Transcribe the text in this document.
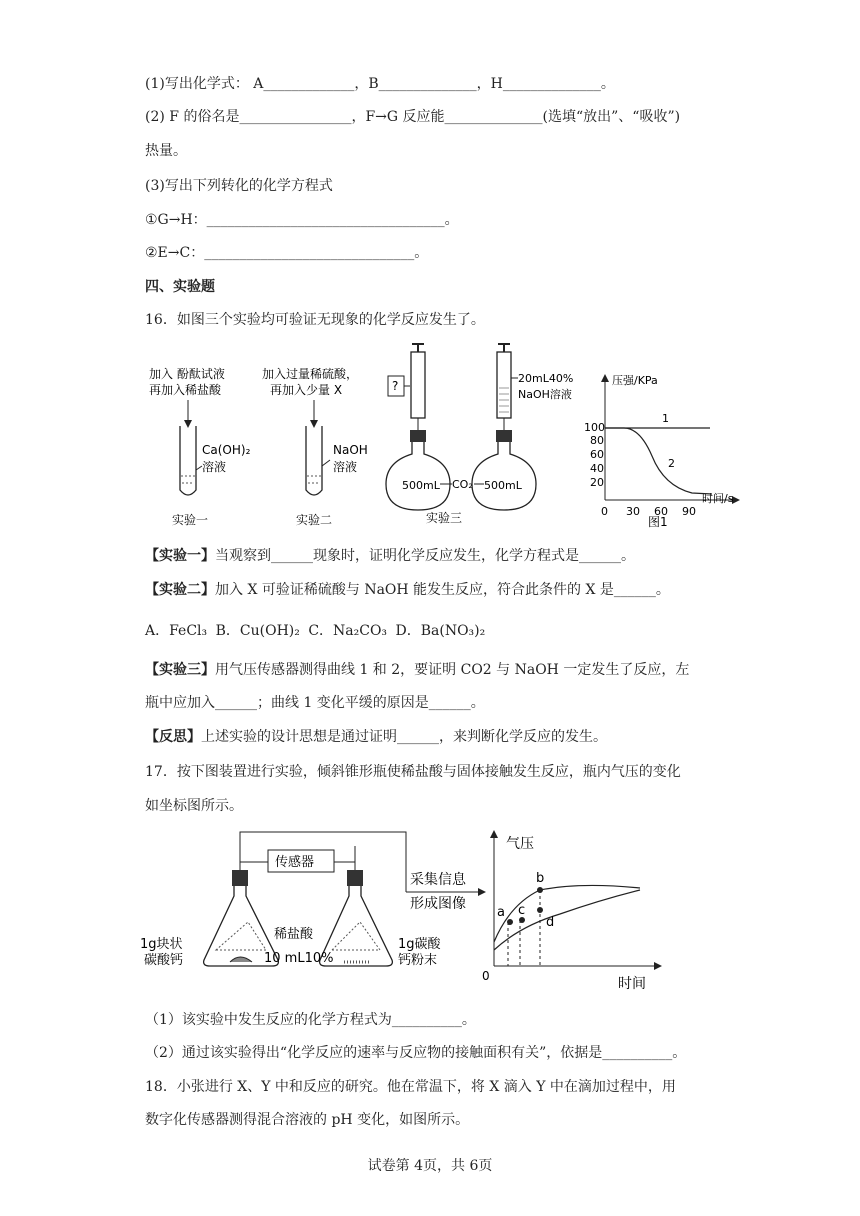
(1)写出化学式： A_____________，B______________，H______________。
(2) F 的俗名是________________，F→G 反应能______________(选填“放出”、“吸收”)
热量。
(3)写出下列转化的化学方程式
①G→H：__________________________________。
②E→C：______________________________。
四、实验题
16．如图三个实验均可验证无现象的化学反应发生了。
加入 酚酞试液
再加入稀盐酸
Ca(OH)₂
溶液
实验一
加入过量稀硫酸，
再加入少量 X
NaOH
溶液
实验二
?
500mL CO₂
20mL40%
NaOH溶液
500mL
实验三
压强/KPa
时间/s
100
80
60
40
20
0 30 60 90
1
2
图1
【实验一】当观察到______现象时，证明化学反应发生，化学方程式是______。
【实验二】加入 X 可验证稀硫酸与 NaOH 能发生反应，符合此条件的 X 是______。
A．FeCl₃ B．Cu(OH)₂ C．Na₂CO₃ D．Ba(NO₃)₂
【实验三】用气压传感器测得曲线 1 和 2，要证明 CO2 与 NaOH 一定发生了反应，左
瓶中应加入______；曲线 1 变化平缓的原因是______。
【反思】上述实验的设计思想是通过证明______，来判断化学反应的发生。
17．按下图装置进行实验，倾斜锥形瓶使稀盐酸与固体接触发生反应，瓶内气压的变化
如坐标图所示。
传感器
1g块状
碳酸钙
1g碳酸
钙粉末
稀盐酸
10 mL10%
采集信息
形成图像
气压
时间
0
a
b
c
d
（1）该实验中发生反应的化学方程式为__________。
（2）通过该实验得出“化学反应的速率与反应物的接触面积有关”，依据是__________。
18．小张进行 X、Y 中和反应的研究。他在常温下，将 X 滴入 Y 中在滴加过程中，用
数字化传感器测得混合溶液的 pH 变化，如图所示。
试卷第 4页，共 6页
